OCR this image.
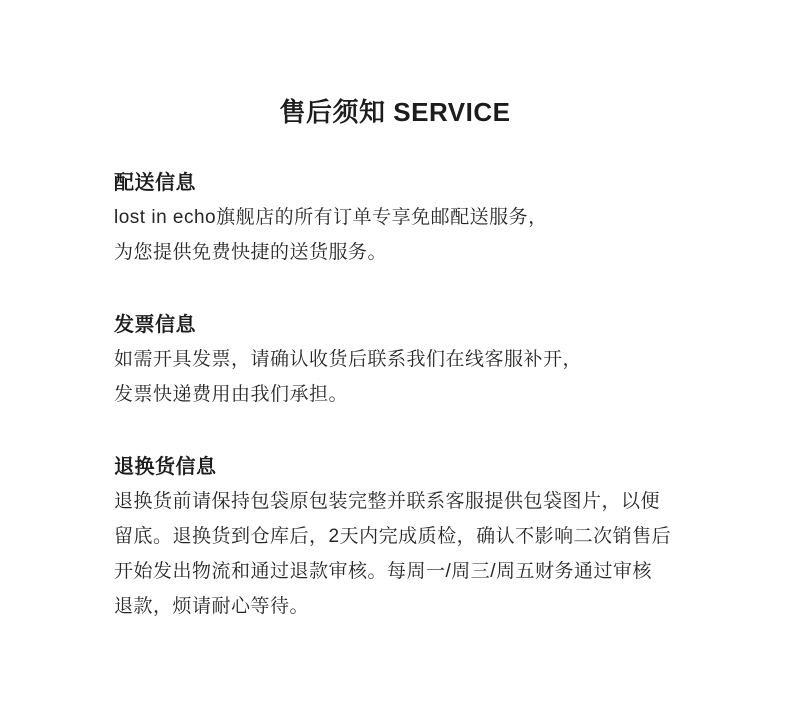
售后须知 SERVICE
配送信息
lost in echo旗舰店的所有订单专享免邮配送服务，
为您提供免费快捷的送货服务。
发票信息
如需开具发票，请确认收货后联系我们在线客服补开，
发票快递费用由我们承担。
退换货信息
退换货前请保持包袋原包装完整并联系客服提供包袋图片，以便
留底。退换货到仓库后，2天内完成质检，确认不影响二次销售后
开始发出物流和通过退款审核。每周一/周三/周五财务通过审核
退款，烦请耐心等待。
